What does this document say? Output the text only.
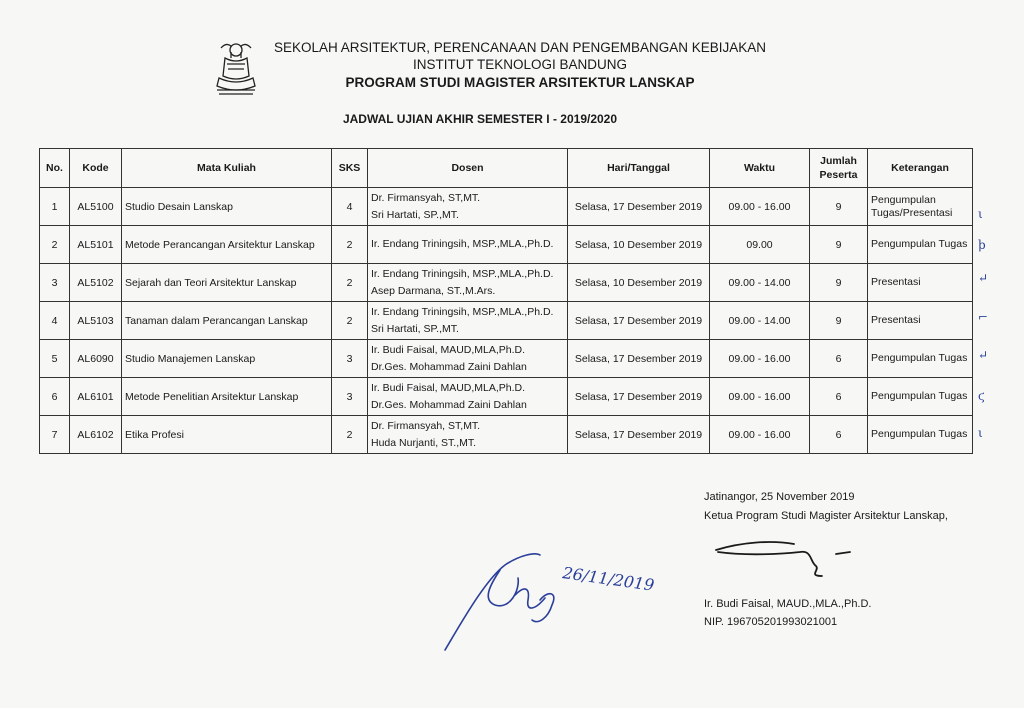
SEKOLAH ARSITEKTUR, PERENCANAAN DAN PENGEMBANGAN KEBIJAKAN
INSTITUT TEKNOLOGI BANDUNG
PROGRAM STUDI MAGISTER ARSITEKTUR LANSKAP
JADWAL UJIAN AKHIR SEMESTER I - 2019/2020
No.	Kode	Mata Kuliah	SKS	Dosen	Hari/Tanggal	Waktu	Jumlah
Peserta	Keterangan
1	AL5100	Studio Desain Lanskap	4	Dr. Firmansyah, ST,MT.
Sri Hartati, SP.,MT.	Selasa, 17 Desember 2019	09.00 - 16.00	9	Pengumpulan Tugas/Presentasi
2	AL5101	Metode Perancangan Arsitektur Lanskap	2	Ir. Endang Triningsih, MSP.,MLA.,Ph.D.	Selasa, 10 Desember 2019	09.00	9	Pengumpulan Tugas
3	AL5102	Sejarah dan Teori Arsitektur Lanskap	2	Ir. Endang Triningsih, MSP.,MLA.,Ph.D.
Asep Darmana, ST.,M.Ars.	Selasa, 10 Desember 2019	09.00 - 14.00	9	Presentasi
4	AL5103	Tanaman dalam Perancangan Lanskap	2	Ir. Endang Triningsih, MSP.,MLA.,Ph.D.
Sri Hartati, SP.,MT.	Selasa, 17 Desember 2019	09.00 - 14.00	9	Presentasi
5	AL6090	Studio Manajemen Lanskap	3	Ir. Budi Faisal, MAUD,MLA,Ph.D.
Dr.Ges. Mohammad Zaini Dahlan	Selasa, 17 Desember 2019	09.00 - 16.00	6	Pengumpulan Tugas
6	AL6101	Metode Penelitian Arsitektur Lanskap	3	Ir. Budi Faisal, MAUD,MLA,Ph.D.
Dr.Ges. Mohammad Zaini Dahlan	Selasa, 17 Desember 2019	09.00 - 16.00	6	Pengumpulan Tugas
7	AL6102	Etika Profesi	2	Dr. Firmansyah, ST,MT.
Huda Nurjanti, ST.,MT.	Selasa, 17 Desember 2019	09.00 - 16.00	6	Pengumpulan Tugas
ι
ϸ
↵
⌐
↵
ϛ
ι
26/11/2019
Jatinangor, 25 November 2019
Ketua Program Studi Magister Arsitektur Lanskap,
Ir. Budi Faisal, MAUD.,MLA.,Ph.D.
NIP. 196705201993021001
